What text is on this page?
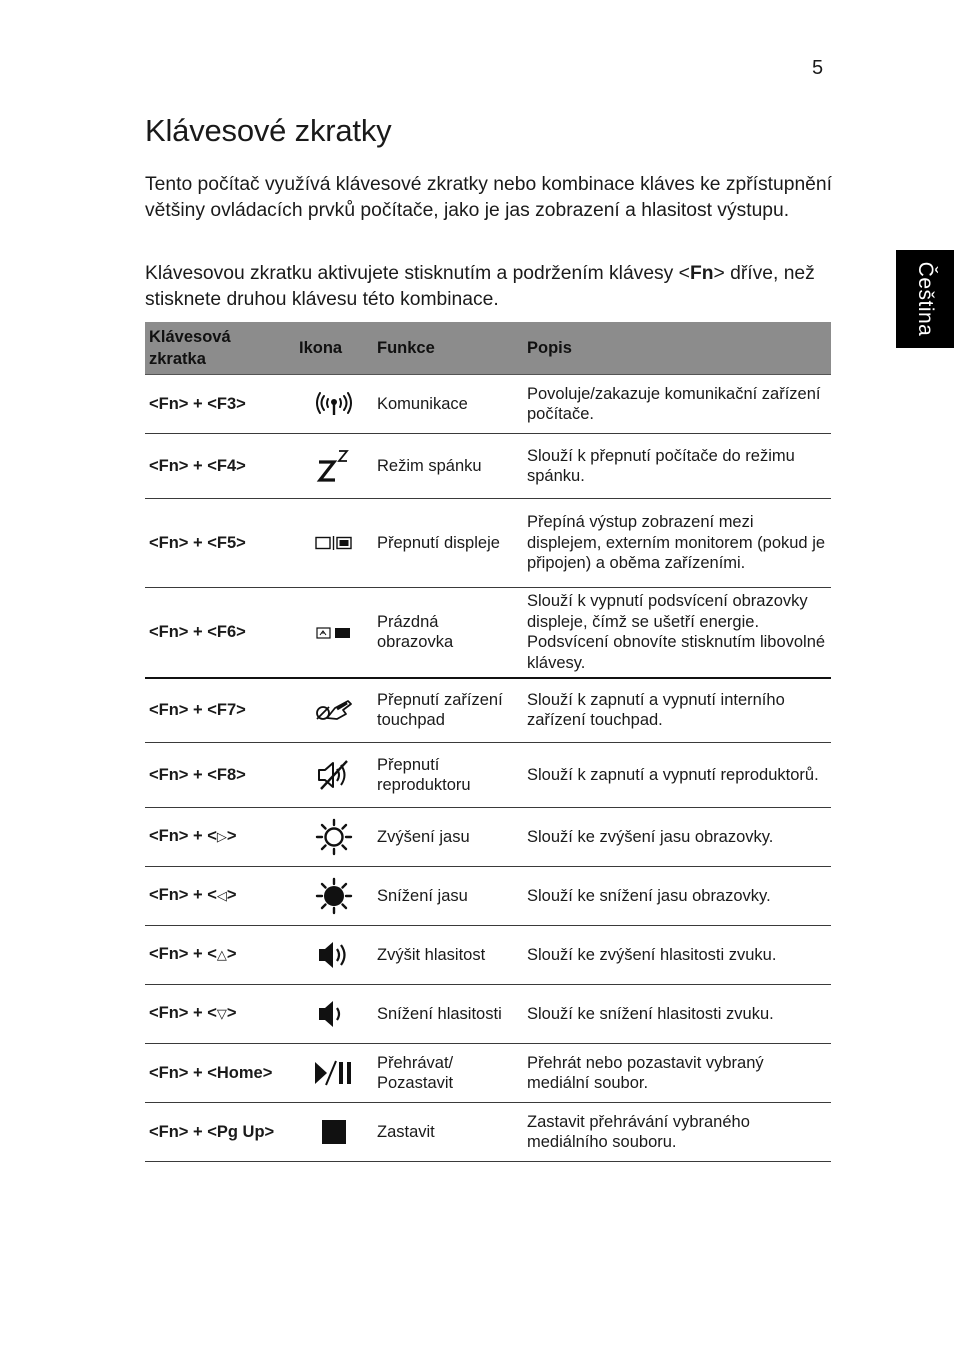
5
Čeština
Klávesové zkratky

Tento počítač využívá klávesové zkratky nebo kombinace kláves ke zpřístupnění většiny ovládacích prvků počítače, jako je jas zobrazení a hlasitost výstupu.

Klávesovou zkratku aktivujete stisknutím a podržením klávesy <Fn> dříve, než stisknete druhou klávesu této kombinace.

Klávesová zkratka	Ikona	Funkce	Popis
<Fn> + <F3>		Komunikace	Povoluje/zakazuje komunikační zařízení počítače.
<Fn> + <F4>		Režim spánku	Slouží k přepnutí počítače do režimu spánku.
<Fn> + <F5>		Přepnutí displeje	Přepíná výstup zobrazení mezi displejem, externím monitorem (pokud je připojen) a oběma zařízeními.
<Fn> + <F6>		Prázdná obrazovka	Slouží k vypnutí podsvícení obrazovky displeje, čímž se ušetří energie. Podsvícení obnovíte stisknutím libovolné klávesy.
<Fn> + <F7>		Přepnutí zařízení touchpad	Slouží k zapnutí a vypnutí interního zařízení touchpad.
<Fn> + <F8>		Přepnutí reproduktoru	Slouží k zapnutí a vypnutí reproduktorů.
<Fn> + <▷>		Zvýšení jasu	Slouží ke zvýšení jasu obrazovky.
<Fn> + <◁>		Snížení jasu	Slouží ke snížení jasu obrazovky.
<Fn> + <△>		Zvýšit hlasitost	Slouží ke zvýšení hlasitosti zvuku.
<Fn> + <▽>		Snížení hlasitosti	Slouží ke snížení hlasitosti zvuku.
<Fn> + <Home>		Přehrávat/ Pozastavit	Přehrát nebo pozastavit vybraný mediální soubor.
<Fn> + <Pg Up>		Zastavit	Zastavit přehrávání vybraného mediálního souboru.
